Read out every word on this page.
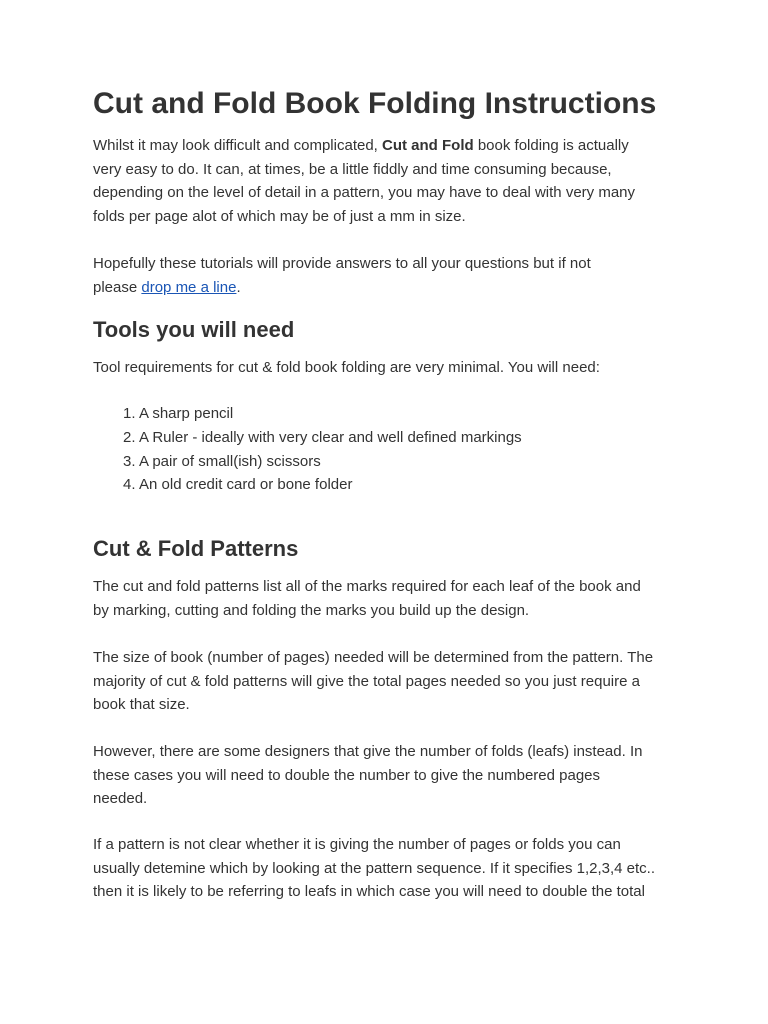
Cut and Fold Book Folding Instructions

Whilst it may look difficult and complicated, Cut and Fold book folding is actually
very easy to do. It can, at times, be a little fiddly and time consuming because,
depending on the level of detail in a pattern, you may have to deal with very many
folds per page alot of which may be of just a mm in size.

Hopefully these tutorials will provide answers to all your questions but if not
please drop me a line.

Tools you will need

Tool requirements for cut & fold book folding are very minimal. You will need:

1. A sharp pencil
2. A Ruler - ideally with very clear and well defined markings
3. A pair of small(ish) scissors
4. An old credit card or bone folder
Cut & Fold Patterns

The cut and fold patterns list all of the marks required for each leaf of the book and
by marking, cutting and folding the marks you build up the design.

The size of book (number of pages) needed will be determined from the pattern. The
majority of cut & fold patterns will give the total pages needed so you just require a
book that size.

However, there are some designers that give the number of folds (leafs) instead. In
these cases you will need to double the number to give the numbered pages
needed.

If a pattern is not clear whether it is giving the number of pages or folds you can
usually detemine which by looking at the pattern sequence. If it specifies 1,2,3,4 etc..
then it is likely to be referring to leafs in which case you will need to double the total
